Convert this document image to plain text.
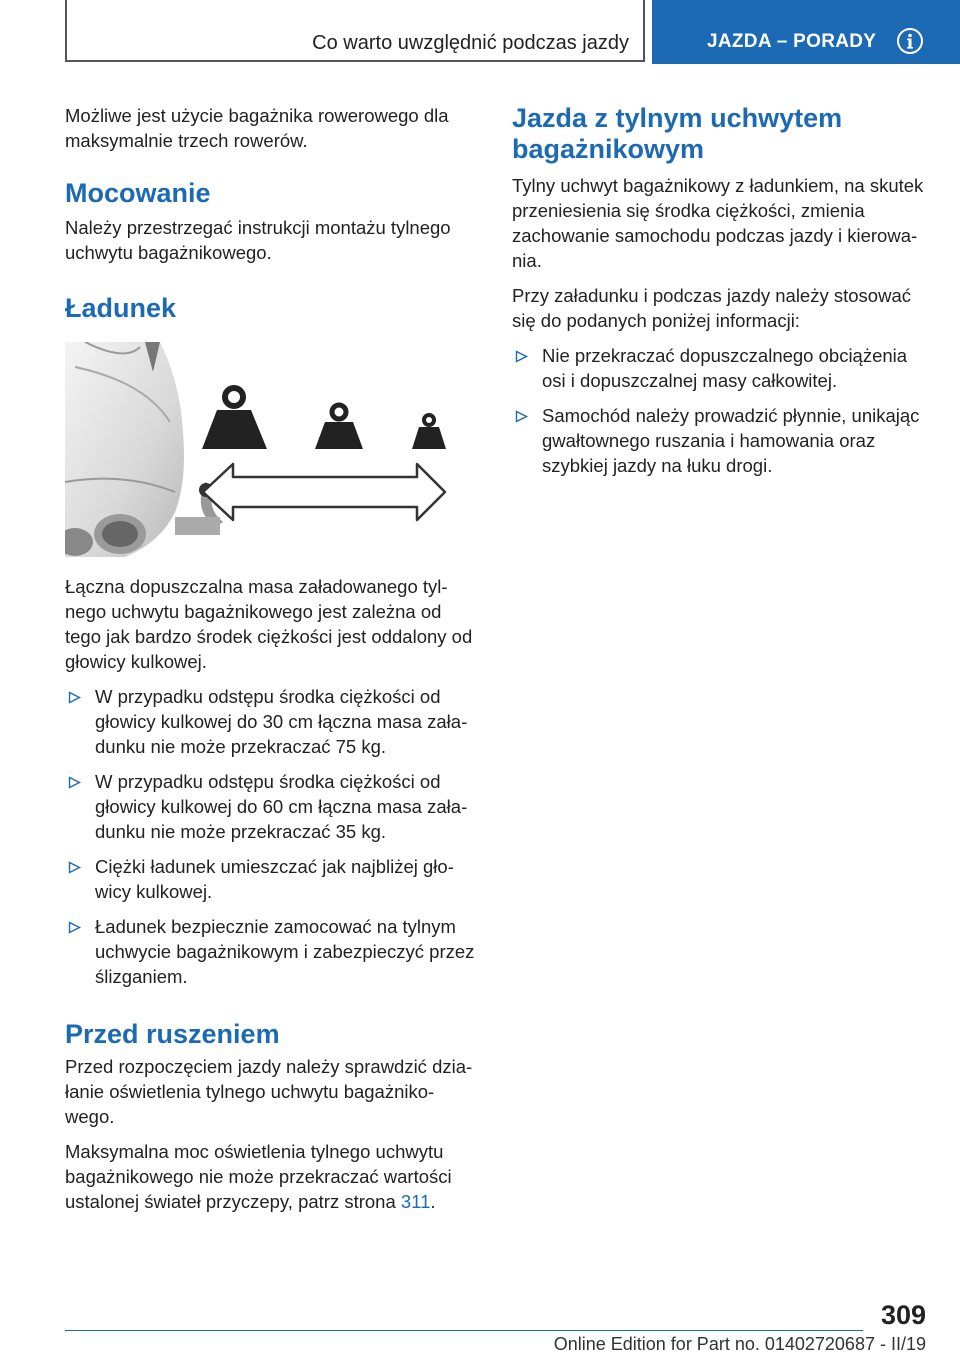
Co warto uwzględnić podczas jazdy	JAZDA – PORADY

Możliwe jest użycie bagażnika rowerowego dla maksymalnie trzech rowerów.

Mocowanie

Należy przestrzegać instrukcji montażu tylnego uchwytu bagażnikowego.

Ładunek

Łączna dopuszczalna masa załadowanego tylnego uchwytu bagażnikowego jest zależna od tego jak bardzo środek ciężkości jest oddalony od głowicy kulkowej.

W przypadku odstępu środka ciężkości od głowicy kulkowej do 30 cm łączna masa załadunku nie może przekraczać 75 kg.
W przypadku odstępu środka ciężkości od głowicy kulkowej do 60 cm łączna masa załadunku nie może przekraczać 35 kg.
Ciężki ładunek umieszczać jak najbliżej głowicy kulkowej.
Ładunek bezpiecznie zamocować na tylnym uchwycie bagażnikowym i zabezpieczyć przez ślizganiem.
Przed ruszeniem

Przed rozpoczęciem jazdy należy sprawdzić działanie oświetlenia tylnego uchwytu bagażnikowego.

Maksymalna moc oświetlenia tylnego uchwytu bagażnikowego nie może przekraczać wartości ustalonej świateł przyczepy, patrz strona 311.

Jazda z tylnym uchwytem bagażnikowym

Tylny uchwyt bagażnikowy z ładunkiem, na skutek przeniesienia się środka ciężkości, zmienia zachowanie samochodu podczas jazdy i kierowania.

Przy załadunku i podczas jazdy należy stosować się do podanych poniżej informacji:

Nie przekraczać dopuszczalnego obciążenia osi i dopuszczalnej masy całkowitej.
Samochód należy prowadzić płynnie, unikając gwałtownego ruszania i hamowania oraz szybkiej jazdy na łuku drogi.
309
Online Edition for Part no. 01402720687 - II/19
